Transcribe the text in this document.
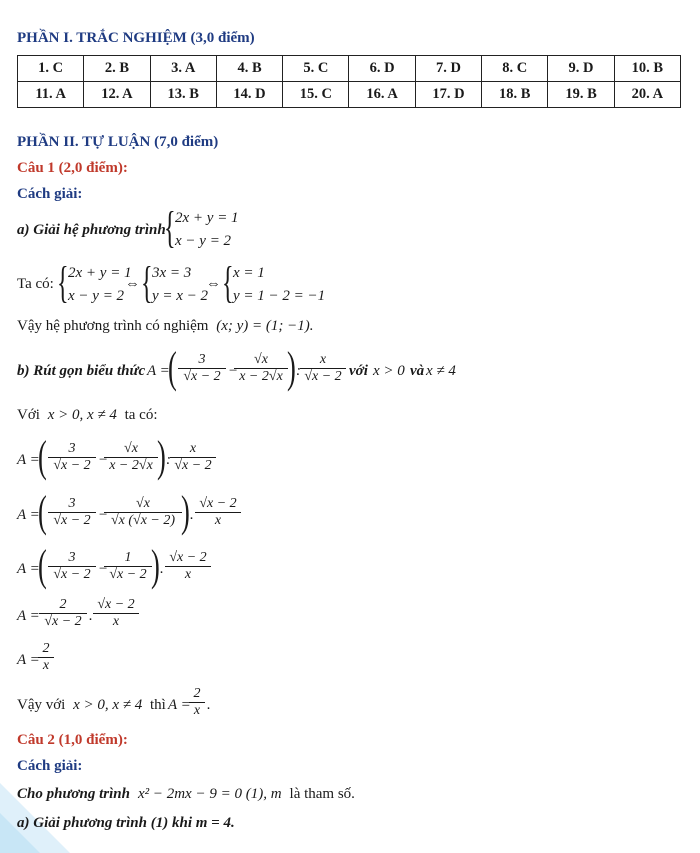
PHẦN I. TRẮC NGHIỆM (3,0 điểm)
1. C	2. B	3. A	4. B	5. C	6. D	7. D	8. C	9. D	10. B
11. A	12. A	13. B	14. D	15. C	16. A	17. D	18. B	19. B	20. A
PHẦN II. TỰ LUẬN (7,0 điểm)
Câu 1 (2,0 điểm):
Cách giải:
a) Giải hệ phương trình
{ 2x + y = 1
x − y = 2
Ta có: { 2x + y = 1
x − y = 2
⇔ { 3x = 3
y = x − 2
⇔ { x = 1
y = 1 − 2 = −1
Vậy hệ phương trình có nghiệm (x; y) = (1; −1).
b) Rút gọn biểu thức A =
( $\frac{3}{√x - 2}$ −
$\frac{√x}{x - 2√x}$ ) : $\frac{x}{√x - 2}$ với x > 0 và x ≠ 4
Với x > 0, x ≠ 4 ta có:
A =
( $\frac{3}{√x - 2}$ −
$\frac{√x}{x - 2√x}$ ) : $\frac{x}{√x - 2}$
A =
( $\frac{3}{√x - 2}$ −
$\frac{√x}{√x (√x - 2)}$ ) . $\frac{√x - 2}{x}$
A =
( $\frac{3}{√x - 2}$ −
$\frac{1}{√x - 2}$ ) . $\frac{√x - 2}{x}$
$A = \frac{2}{√x - 2}$ . $\frac{√x - 2}{x}$
A =
$\frac{2}{x}$
Vậy với x > 0, x ≠ 4 thì A =
$\frac{2}{x}$ .
Câu 2 (1,0 điểm):
Cách giải:
Cho phương trình x² − 2mx − 9 = 0 (1), m là tham số.
a) Giải phương trình (1) khi m = 4.
